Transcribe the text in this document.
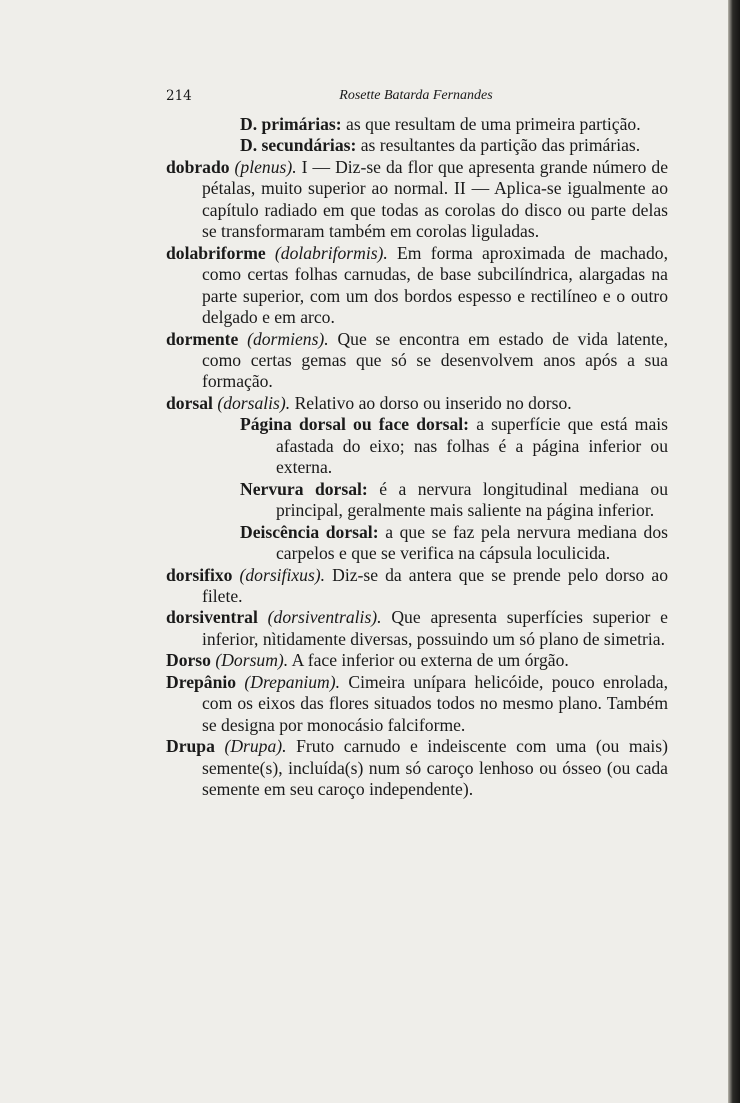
214	Rosette Batarda Fernandes

D. primárias: as que resultam de uma primeira partição.

D. secundárias: as resultantes da partição das primárias.

dobrado (plenus). I — Diz-se da flor que apresenta grande número de pétalas, muito superior ao normal. II — Aplica-se igualmente ao capítulo radiado em que todas as corolas do disco ou parte delas se transformaram também em corolas liguladas.

dolabriforme (dolabriformis). Em forma aproximada de machado, como certas folhas carnudas, de base subcilíndrica, alargadas na parte superior, com um dos bordos espesso e rectilíneo e o outro delgado e em arco.

dormente (dormiens). Que se encontra em estado de vida latente, como certas gemas que só se desenvolvem anos após a sua formação.

dorsal (dorsalis). Relativo ao dorso ou inserido no dorso.

Página dorsal ou face dorsal: a superfície que está mais afastada do eixo; nas folhas é a página inferior ou externa.

Nervura dorsal: é a nervura longitudinal mediana ou principal, geralmente mais saliente na página inferior.

Deiscência dorsal: a que se faz pela nervura mediana dos carpelos e que se verifica na cápsula loculicida.

dorsifixo (dorsifixus). Diz-se da antera que se prende pelo dorso ao filete.

dorsiventral (dorsiventralis). Que apresenta superfícies superior e inferior, nìtidamente diversas, possuindo um só plano de simetria.

Dorso (Dorsum). A face inferior ou externa de um órgão.

Drepânio (Drepanium). Cimeira unípara helicóide, pouco enrolada, com os eixos das flores situados todos no mesmo plano. Também se designa por monocásio falciforme.

Drupa (Drupa). Fruto carnudo e indeiscente com uma (ou mais) semente(s), incluída(s) num só caroço lenhoso ou ósseo (ou cada semente em seu caroço independente).
